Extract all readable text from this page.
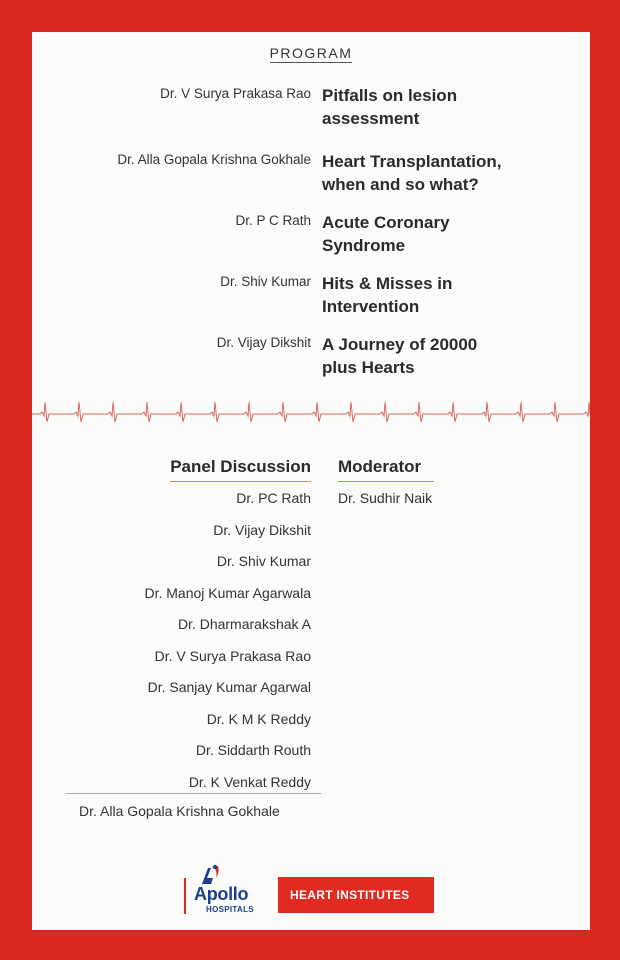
PROGRAM
Dr. V Surya Prakasa Rao Pitfalls on lesion
assessment
Dr. Alla Gopala Krishna Gokhale Heart Transplantation,
when and so what?
Dr. P C Rath Acute Coronary
Syndrome
Dr. Shiv Kumar Hits & Misses in
Intervention
Dr. Vijay Dikshit A Journey of 20000
plus Hearts
Panel Discussion Moderator
Dr. PC Rath
Dr. Vijay Dikshit
Dr. Shiv Kumar
Dr. Manoj Kumar Agarwala
Dr. Dharmarakshak A
Dr. V Surya Prakasa Rao
Dr. Sanjay Kumar Agarwal
Dr. K M K Reddy
Dr. Siddarth Routh
Dr. K Venkat Reddy
Dr. Alla Gopala Krishna Gokhale
Dr. Sudhir Naik
Apollo
HOSPITALS
HEART INSTITUTES
